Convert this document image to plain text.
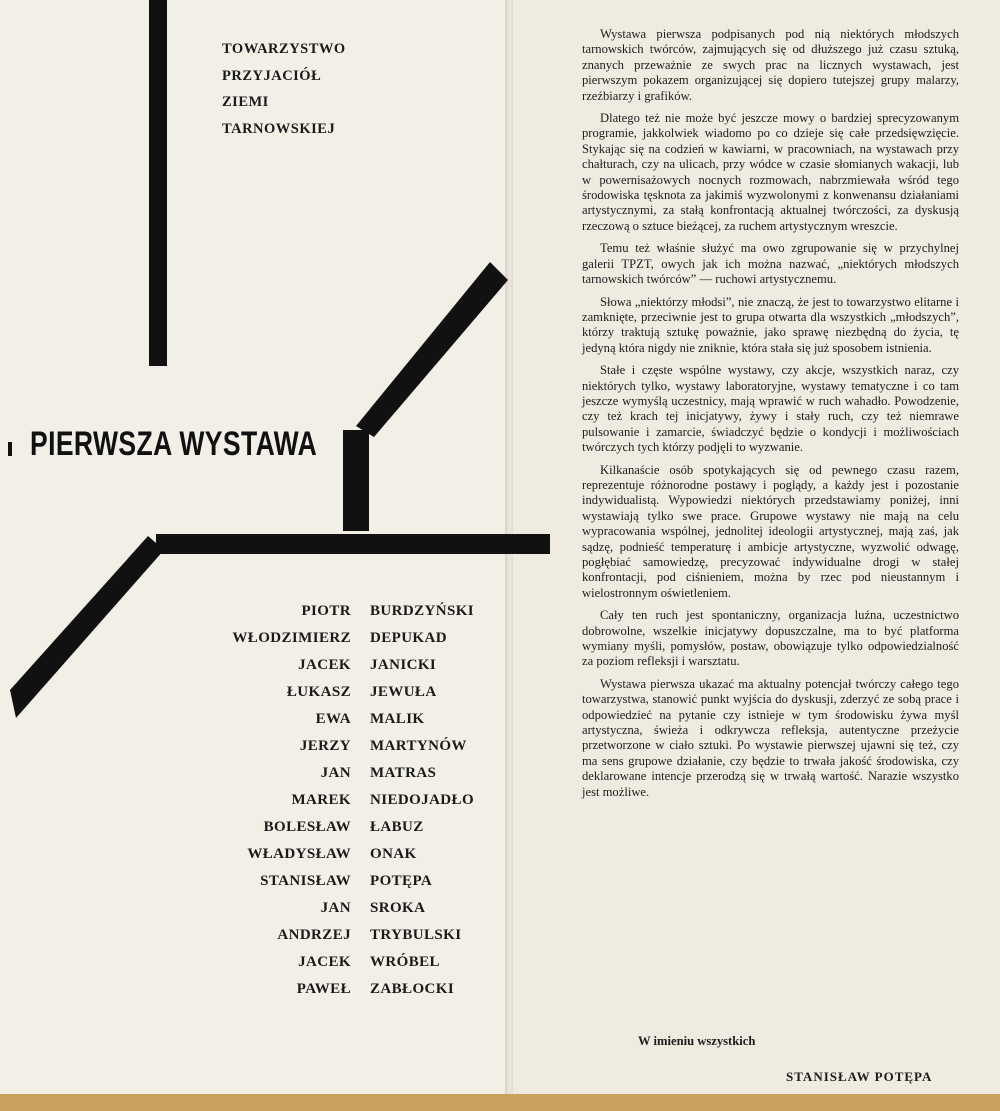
TOWARZYSTWO
PRZYJACIÓŁ
ZIEMI
TARNOWSKIEJ
PIERWSZA WYSTAWA
PIOTR BURDZYŃSKI
WŁODZIMIERZ DEPUKAD
JACEK JANICKI
ŁUKASZ JEWUŁA
EWA MALIK
JERZY MARTYNÓW
JAN MATRAS
MAREK NIEDOJADŁO
BOLESŁAW ŁABUZ
WŁADYSŁAW ONAK
STANISŁAW POTĘPA
JAN SROKA
ANDRZEJ TRYBULSKI
JACEK WRÓBEL
PAWEŁ ZABŁOCKI

Wystawa pierwsza podpisanych pod nią niektórych młodszych tarnowskich twórców, zajmujących się od dłuższego już czasu sztuką, znanych przeważnie ze swych prac na licznych wystawach, jest pierwszym pokazem organizującej się dopiero tutejszej grupy malarzy, rzeźbiarzy i grafików.

Dlatego też nie może być jeszcze mowy o bardziej sprecyzowanym programie, jakkolwiek wiadomo po co dzieje się całe przedsięwzięcie. Stykając się na codzień w kawiarni, w pracowniach, na wystawach przy chałturach, czy na ulicach, przy wódce w czasie słomianych wakacji, lub w powernisażowych nocnych rozmowach, nabrzmiewała wśród tego środowiska tęsknota za jakimiś wyzwolonymi z konwenansu działaniami artystycznymi, za stałą konfrontacją aktualnej twórczości, za dyskusją rzeczową o sztuce bieżącej, za ruchem artystycznym wreszcie.

Temu też właśnie służyć ma owo zgrupowanie się w przychylnej galerii TPZT, owych jak ich można nazwać, „niektórych młodszych tarnowskich twórców” — ruchowi artystycznemu.

Słowa „niektórzy młodsi”, nie znaczą, że jest to towarzystwo elitarne i zamknięte, przeciwnie jest to grupa otwarta dla wszystkich „młodszych”, którzy traktują sztukę poważnie, jako sprawę niezbędną do życia, tę jedyną która nigdy nie zniknie, która stała się już sposobem istnienia.

Stałe i częste wspólne wystawy, czy akcje, wszystkich naraz, czy niektórych tylko, wystawy laboratoryjne, wystawy tematyczne i co tam jeszcze wymyślą uczestnicy, mają wprawić w ruch wahadło. Powodzenie, czy też krach tej inicjatywy, żywy i stały ruch, czy też niemrawe pulsowanie i zamarcie, świadczyć będzie o kondycji i możliwościach twórczych tych którzy podjęli to wyzwanie.

Kilkanaście osób spotykających się od pewnego czasu razem, reprezentuje różnorodne postawy i poglądy, a każdy jest i pozostanie indywidualistą. Wypowiedzi niektórych przedstawiamy poniżej, inni wystawiają tylko swe prace. Grupowe wystawy nie mają na celu wypracowania wspólnej, jednolitej ideologii artystycznej, mają zaś, jak sądzę, podnieść temperaturę i ambicje artystyczne, wyzwolić odwagę, pogłębiać samowiedzę, precyzować indywidualne drogi w stałej konfrontacji, pod ciśnieniem, można by rzec pod nieustannym i wielostronnym oświetleniem.

Cały ten ruch jest spontaniczny, organizacja luźna, uczestnictwo dobrowolne, wszelkie inicjatywy dopuszczalne, ma to być platforma wymiany myśli, pomysłów, postaw, obowiązuje tylko odpowiedzialność za poziom refleksji i warsztatu.

Wystawa pierwsza ukazać ma aktualny potencjał twórczy całego tego towarzystwa, stanowić punkt wyjścia do dyskusji, zderzyć ze sobą prace i odpowiedzieć na pytanie czy istnieje w tym środowisku żywa myśl artystyczna, świeża i odkrywcza refleksja, autentyczne przeżycie przetworzone w ciało sztuki. Po wystawie pierwszej ujawni się też, czy ma sens grupowe działanie, czy będzie to trwała jakość środowiska, czy deklarowane intencje przerodzą się w trwałą wartość. Narazie wszystko jest możliwe.

W imieniu wszystkich
STANISŁAW POTĘPA
